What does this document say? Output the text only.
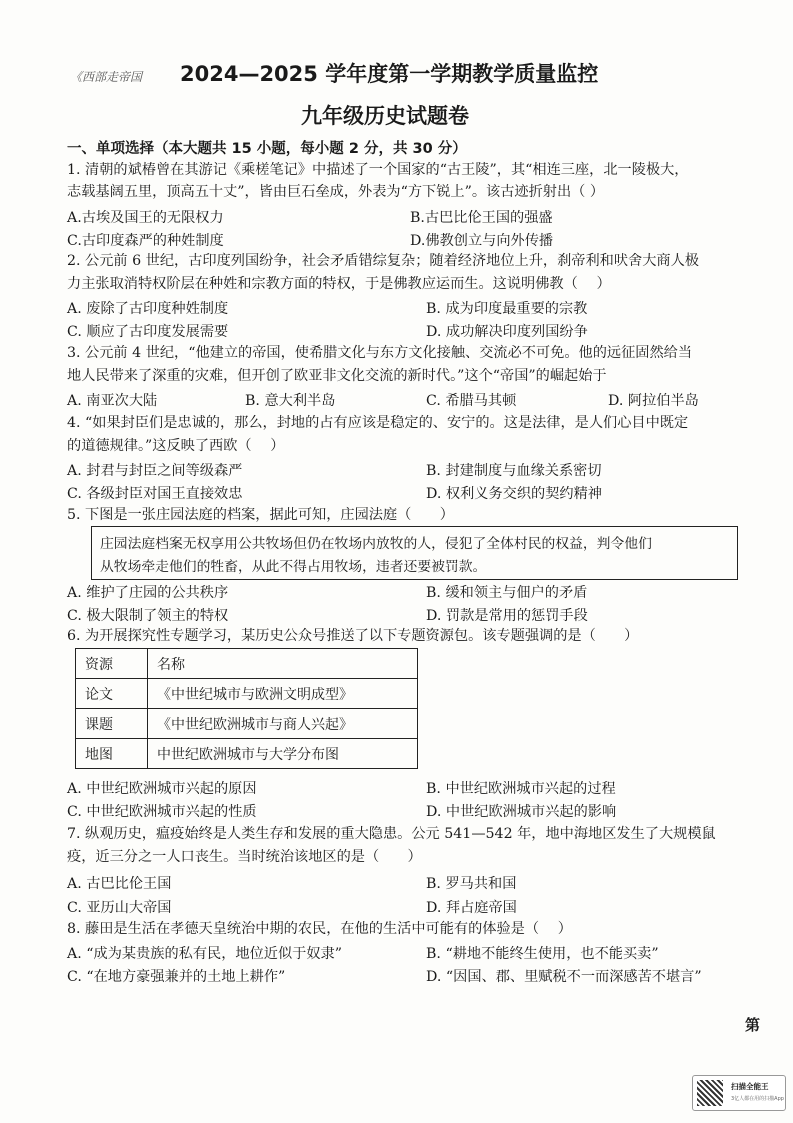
《西部走帝国 2024—2025 学年度第一学期教学质量监控
九年级历史试题卷
一、单项选择（本大题共 15 小题，每小题 2 分，共 30 分）
1. 清朝的斌椿曾在其游记《乘槎笔记》中描述了一个国家的“古王陵”，其“相连三座，北一陵极大，
志载基阔五里，顶高五十丈”，皆由巨石垒成，外表为“方下锐上”。该古迹折射出（ ）
A.古埃及国王的无限权力	B.古巴比伦王国的强盛
C.古印度森严的种姓制度	D.佛教创立与向外传播
2. 公元前 6 世纪，古印度列国纷争，社会矛盾错综复杂；随着经济地位上升，刹帝利和吠舍大商人极
力主张取消特权阶层在种姓和宗教方面的特权，于是佛教应运而生。这说明佛教（　 ）
A. 废除了古印度种姓制度	B. 成为印度最重要的宗教
C. 顺应了古印度发展需要	D. 成功解决印度列国纷争
3. 公元前 4 世纪，“他建立的帝国，使希腊文化与东方文化接触、交流必不可免。他的远征固然给当
地人民带来了深重的灾难，但开创了欧亚非文化交流的新时代。”这个“帝国”的崛起始于
A. 南亚次大陆	B. 意大利半岛	C. 希腊马其顿	D. 阿拉伯半岛
4. “如果封臣们是忠诚的，那么，封地的占有应该是稳定的、安宁的。这是法律，是人们心目中既定
的道德规律。”这反映了西欧（　 ）
A. 封君与封臣之间等级森严	B. 封建制度与血缘关系密切
C. 各级封臣对国王直接效忠	D. 权利义务交织的契约精神
5. 下图是一张庄园法庭的档案，据此可知，庄园法庭（　　）
庄园法庭档案无权享用公共牧场但仍在牧场内放牧的人，侵犯了全体村民的权益，判令他们
从牧场牵走他们的牲畜，从此不得占用牧场，违者还要被罚款。
A. 维护了庄园的公共秩序	B. 缓和领主与佃户的矛盾
C. 极大限制了领主的特权	D. 罚款是常用的惩罚手段
6. 为开展探究性专题学习，某历史公众号推送了以下专题资源包。该专题强调的是（　　）
资源	名称
论文	《中世纪城市与欧洲文明成型》
课题	《中世纪欧洲城市与商人兴起》
地图	中世纪欧洲城市与大学分布图
A. 中世纪欧洲城市兴起的原因	B. 中世纪欧洲城市兴起的过程
C. 中世纪欧洲城市兴起的性质	D. 中世纪欧洲城市兴起的影响
7. 纵观历史，瘟疫始终是人类生存和发展的重大隐患。公元 541—542 年，地中海地区发生了大规模鼠
疫，近三分之一人口丧生。当时统治该地区的是（　　）
A. 古巴比伦王国	B. 罗马共和国
C. 亚历山大帝国	D. 拜占庭帝国
8. 藤田是生活在孝德天皇统治中期的农民，在他的生活中可能有的体验是（　 ）
A. “成为某贵族的私有民，地位近似于奴隶”	B. “耕地不能终生使用，也不能买卖”
C. “在地方豪强兼并的土地上耕作”	D. “因国、郡、里赋税不一而深感苦不堪言”
第
扫描全能王
3亿人都在用的扫描App
